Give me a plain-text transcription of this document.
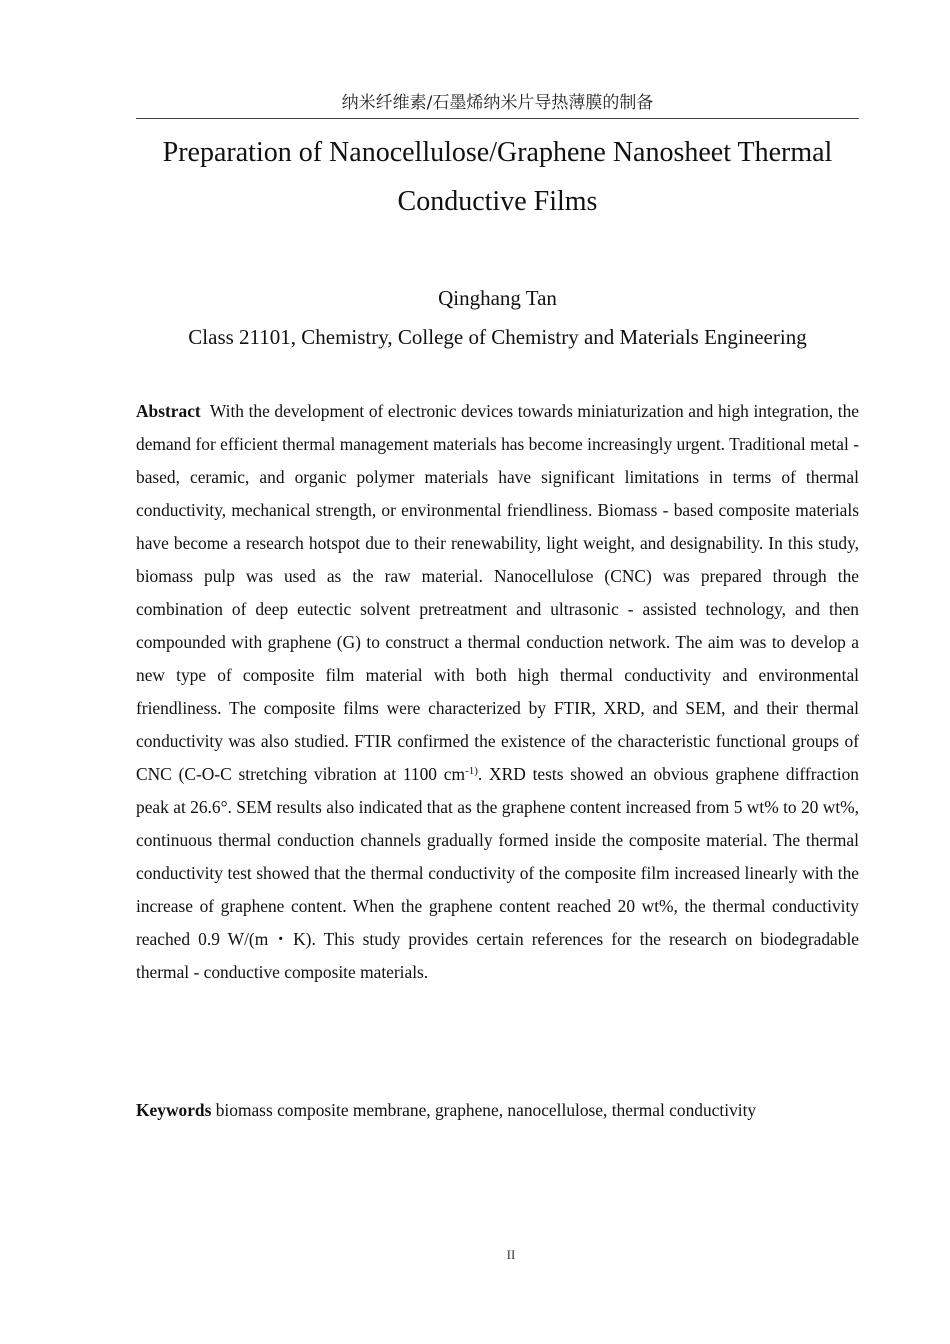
纳米纤维素/石墨烯纳米片导热薄膜的制备
Preparation of Nanocellulose/Graphene Nanosheet Thermal Conductive Films
Qinghang Tan
Class 21101, Chemistry, College of Chemistry and Materials Engineering

Abstract With the development of electronic devices towards miniaturization and high integration, the demand for efficient thermal management materials has become increasingly urgent. Traditional metal - based, ceramic, and organic polymer materials have significant limitations in terms of thermal conductivity, mechanical strength, or environmental friendliness. Biomass - based composite materials have become a research hotspot due to their renewability, light weight, and designability. In this study, biomass pulp was used as the raw material. Nanocellulose (CNC) was prepared through the combination of deep eutectic solvent pretreatment and ultrasonic - assisted technology, and then compounded with graphene (G) to construct a thermal conduction network. The aim was to develop a new type of composite film material with both high thermal conductivity and environmental friendliness. The composite films were characterized by FTIR, XRD, and SEM, and their thermal conductivity was also studied. FTIR confirmed the existence of the characteristic functional groups of CNC (C-O-C stretching vibration at 1100 $cm^{-1)}$. XRD tests showed an obvious graphene diffraction peak at 26.6°. SEM results also indicated that as the graphene content increased from 5 wt% to 20 wt%, continuous thermal conduction channels gradually formed inside the composite material. The thermal conductivity test showed that the thermal conductivity of the composite film increased linearly with the increase of graphene content. When the graphene content reached 20 wt%, the thermal conductivity reached 0.9 W/(m・K). This study provides certain references for the research on biodegradable thermal - conductive composite materials.

Keywords biomass composite membrane, graphene, nanocellulose, thermal conductivity

II
